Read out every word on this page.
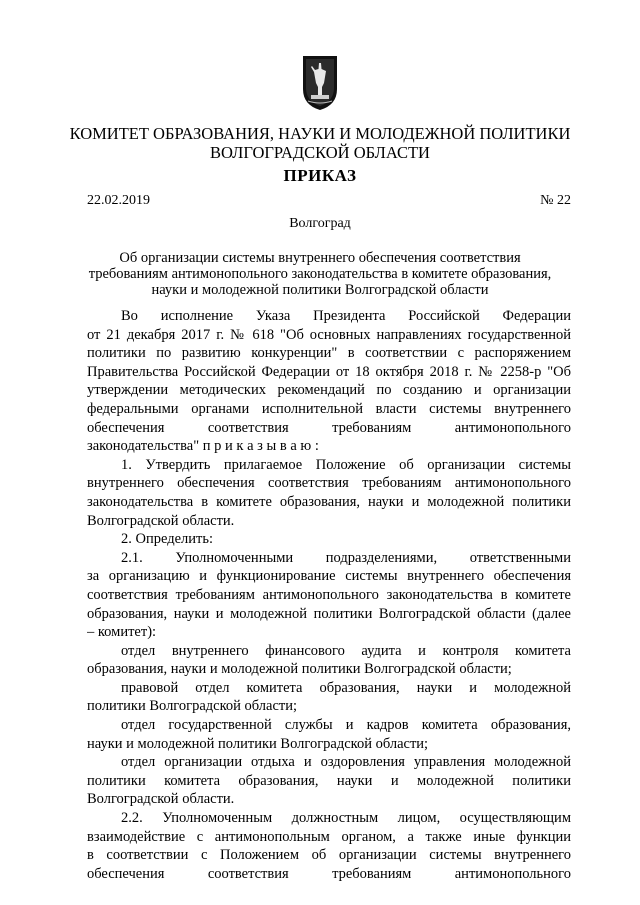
КОМИТЕТ ОБРАЗОВАНИЯ, НАУКИ И МОЛОДЕЖНОЙ ПОЛИТИКИ
ВОЛГОГРАДСКОЙ ОБЛАСТИ
ПРИКАЗ
22.02.2019	№ 22
Волгоград
Об организации системы внутреннего обеспечения соответствия
требованиям антимонопольного законодательства в комитете образования,
науки и молодежной политики Волгоградской области
Во исполнение Указа Президента Российской Федерации
от 21 декабря 2017 г. № 618 "Об основных направлениях государственной
политики по развитию конкуренции" в соответствии с распоряжением
Правительства Российской Федерации от 18 октября 2018 г. № 2258-р "Об
утверждении методических рекомендаций по созданию и организации
федеральными органами исполнительной власти системы внутреннего
обеспечения соответствия требованиям антимонопольного
законодательства" п р и к а з ы в а ю :
1. Утвердить прилагаемое Положение об организации системы
внутреннего обеспечения соответствия требованиям антимонопольного
законодательства в комитете образования, науки и молодежной политики
Волгоградской области.
2. Определить:
2.1. Уполномоченными подразделениями, ответственными
за организацию и функционирование системы внутреннего обеспечения
соответствия требованиям антимонопольного законодательства в комитете
образования, науки и молодежной политики Волгоградской области (далее
– комитет):
отдел внутреннего финансового аудита и контроля комитета
образования, науки и молодежной политики Волгоградской области;
правовой отдел комитета образования, науки и молодежной
политики Волгоградской области;
отдел государственной службы и кадров комитета образования,
науки и молодежной политики Волгоградской области;
отдел организации отдыха и оздоровления управления молодежной
политики комитета образования, науки и молодежной политики
Волгоградской области.
2.2. Уполномоченным должностным лицом, осуществляющим
взаимодействие с антимонопольным органом, а также иные функции
в соответствии с Положением об организации системы внутреннего
обеспечения соответствия требованиям антимонопольного
